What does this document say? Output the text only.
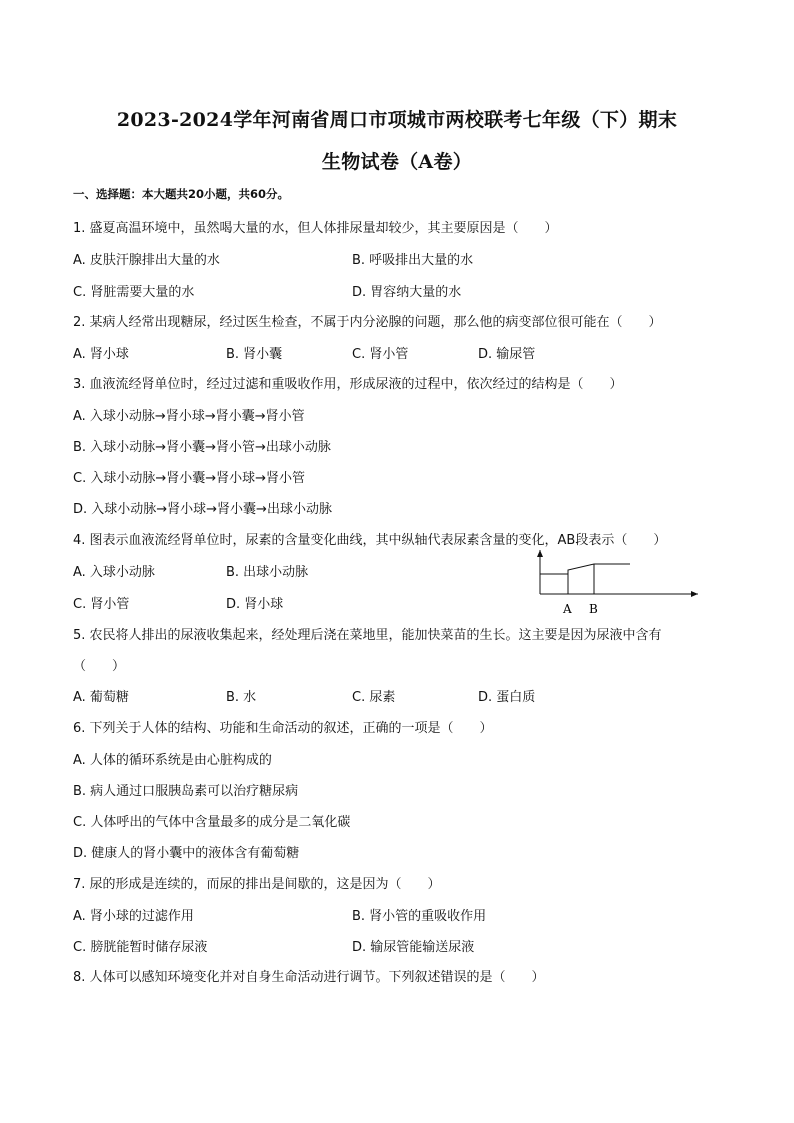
2023-2024学年河南省周口市项城市两校联考七年级（下）期末
生物试卷（A卷）

一、选择题：本大题共20小题，共60分。

1. 盛夏高温环境中，虽然喝大量的水，但人体排尿量却较少，其主要原因是（　　）

A. 皮肤汗腺排出大量的水	B. 呼吸排出大量的水
C. 肾脏需要大量的水	D. 胃容纳大量的水

2. 某病人经常出现糖尿，经过医生检查，不属于内分泌腺的问题，那么他的病变部位很可能在（　　）

A. 肾小球	B. 肾小囊	C. 肾小管	D. 输尿管

3. 血液流经肾单位时，经过过滤和重吸收作用，形成尿液的过程中，依次经过的结构是（　　）

A. 入球小动脉→肾小球→肾小囊→肾小管
B. 入球小动脉→肾小囊→肾小管→出球小动脉
C. 入球小动脉→肾小囊→肾小球→肾小管
D. 入球小动脉→肾小球→肾小囊→出球小动脉

4. 图表示血液流经肾单位时，尿素的含量变化曲线，其中纵轴代表尿素含量的变化，AB段表示（　　）

A. 入球小动脉	B. 出球小动脉
C. 肾小管	D. 肾小球	A B

5. 农民将人排出的尿液收集起来，经处理后浇在菜地里，能加快菜苗的生长。这主要是因为尿液中含有

（　　）

A. 葡萄糖	B. 水	C. 尿素	D. 蛋白质

6. 下列关于人体的结构、功能和生命活动的叙述，正确的一项是（　　）

A. 人体的循环系统是由心脏构成的
B. 病人通过口服胰岛素可以治疗糖尿病
C. 人体呼出的气体中含量最多的成分是二氧化碳
D. 健康人的肾小囊中的液体含有葡萄糖

7. 尿的形成是连续的，而尿的排出是间歇的，这是因为（　　）

A. 肾小球的过滤作用	B. 肾小管的重吸收作用
C. 膀胱能暂时储存尿液	D. 输尿管能输送尿液

8. 人体可以感知环境变化并对自身生命活动进行调节。下列叙述错误的是（　　）
